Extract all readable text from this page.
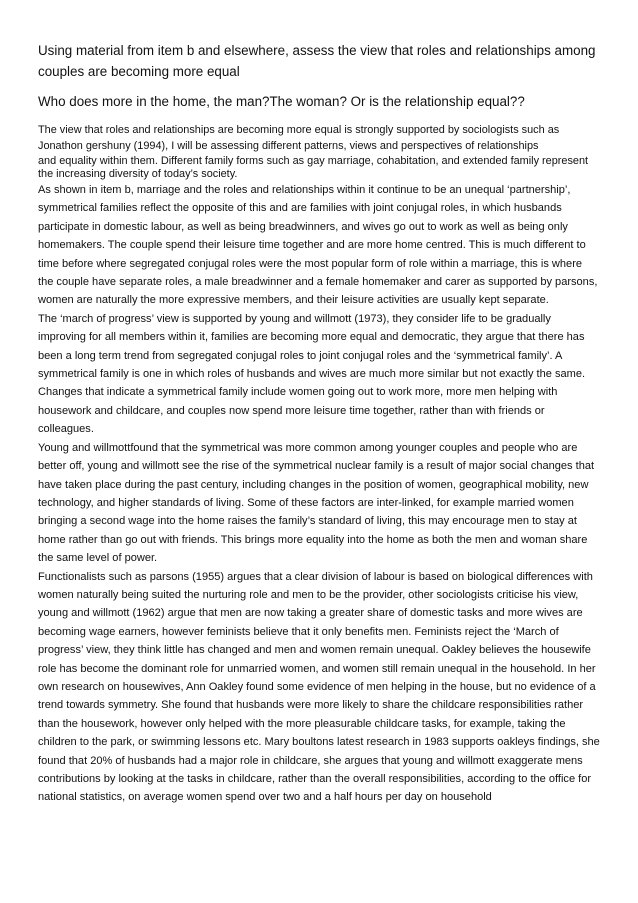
Using material from item b and elsewhere, assess the view that roles and relationships among couples are becoming more equal

Who does more in the home, the man?The woman? Or is the relationship equal??

The view that roles and relationships are becoming more equal is strongly supported by sociologists such as Jonathon gershuny (1994), I will be assessing different patterns, views and perspectives of relationships

and equality within them. Different family forms such as gay marriage, cohabitation, and extended family represent the increasing diversity of today’s society.

As shown in item b, marriage and the roles and relationships within it continue to be an unequal ‘partnership’, symmetrical families reflect the opposite of this and are families with joint conjugal roles, in which husbands participate in domestic labour, as well as being breadwinners, and wives go out to work as well as being only homemakers. The couple spend their leisure time together and are more home centred. This is much different to time before where segregated conjugal roles were the most popular form of role within a marriage, this is where the couple have separate roles, a male breadwinner and a female homemaker and carer as supported by parsons, women are naturally the more expressive members, and their leisure activities are usually kept separate.

The ‘march of progress’ view is supported by young and willmott (1973), they consider life to be gradually improving for all members within it, families are becoming more equal and democratic, they argue that there has been a long term trend from segregated conjugal roles to joint conjugal roles and the ‘symmetrical family’. A symmetrical family is one in which roles of husbands and wives are much more similar but not exactly the same. Changes that indicate a symmetrical family include women going out to work more, more men helping with housework and childcare, and couples now spend more leisure time together, rather than with friends or colleagues.

Young and willmottfound that the symmetrical was more common among younger couples and people who are better off, young and willmott see the rise of the symmetrical nuclear family is a result of major social changes that have taken place during the past century, including changes in the position of women, geographical mobility, new technology, and higher standards of living. Some of these factors are inter-linked, for example married women bringing a second wage into the home raises the family’s standard of living, this may encourage men to stay at home rather than go out with friends. This brings more equality into the home as both the men and woman share the same level of power.

Functionalists such as parsons (1955) argues that a clear division of labour is based on biological differences with women naturally being suited the nurturing role and men to be the provider, other sociologists criticise his view, young and willmott (1962) argue that men are now taking a greater share of domestic tasks and more wives are becoming wage earners, however feminists believe that it only benefits men. Feminists reject the ‘March of progress’ view, they think little has changed and men and women remain unequal. Oakley believes the housewife role has become the dominant role for unmarried women, and women still remain unequal in the household. In her own research on housewives, Ann Oakley found some evidence of men helping in the house, but no evidence of a trend towards symmetry. She found that husbands were more likely to share the childcare responsibilities rather than the housework, however only helped with the more pleasurable childcare tasks, for example, taking the children to the park, or swimming lessons etc. Mary boultons latest research in 1983 supports oakleys findings, she found that 20% of husbands had a major role in childcare, she argues that young and willmott exaggerate mens contributions by looking at the tasks in childcare, rather than the overall responsibilities, according to the office for national statistics, on average women spend over two and a half hours per day on household
